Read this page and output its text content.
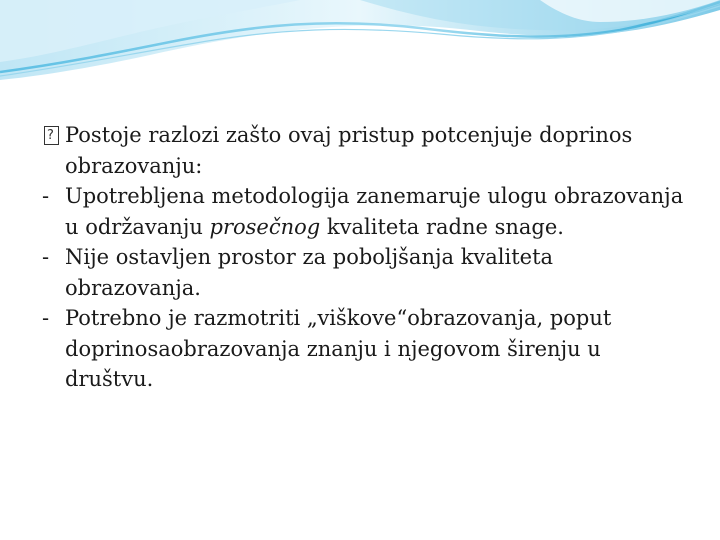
?
Postoje razlozi zašto ovaj pristup potcenjuje doprinos obrazovanju:

- Upotrebljena metodologija zanemaruje ulogu obrazovanja u održavanju prosečnog kvaliteta radne snage.

- Nije ostavljen prostor za poboljšanja kvaliteta obrazovanja.

- Potrebno je razmotriti „viškove“obrazovanja, poput doprinosaobrazovanja znanju i njegovom širenju u društvu.
